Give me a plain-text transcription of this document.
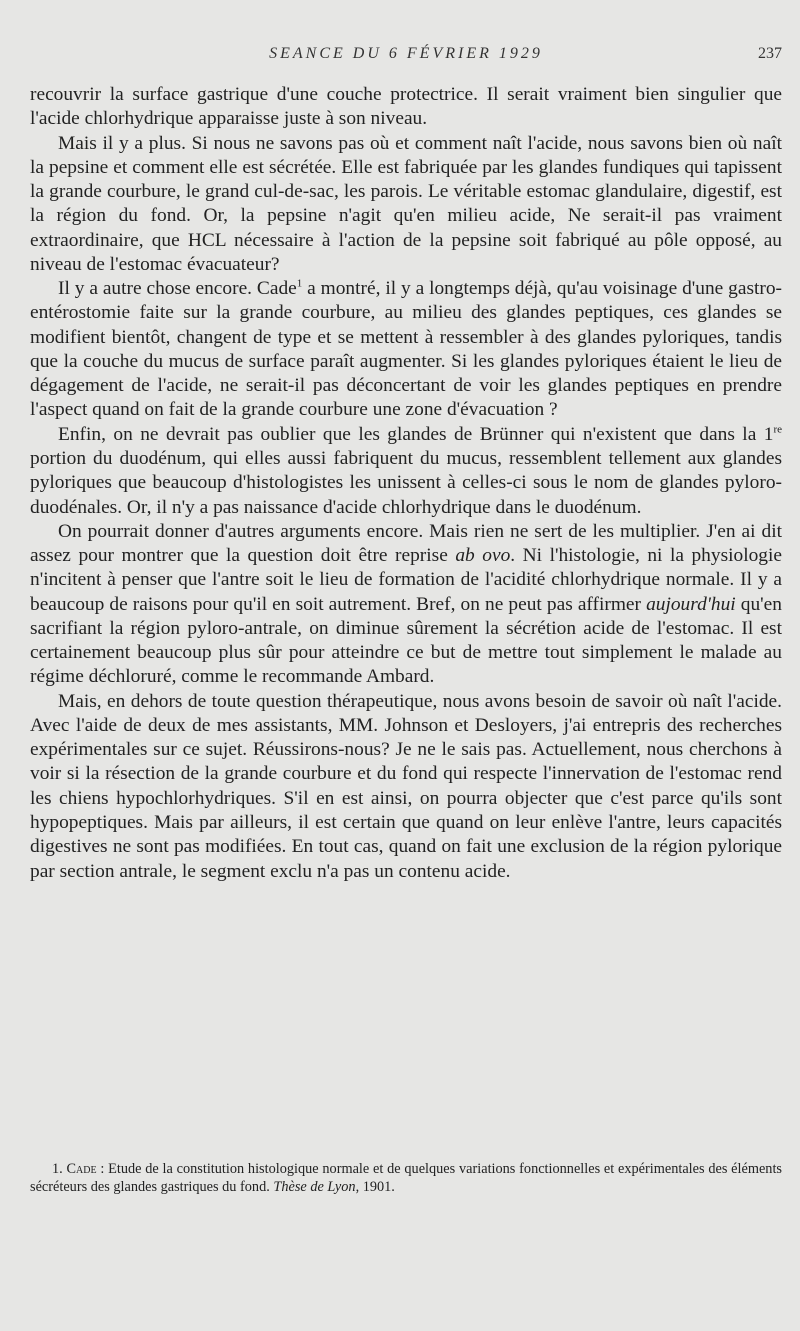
SEANCE DU 6 FÉVRIER 1929	237

recouvrir la surface gastrique d'une couche protectrice. Il serait vraiment bien singulier que l'acide chlorhydrique apparaisse juste à son niveau.

Mais il y a plus. Si nous ne savons pas où et comment naît l'acide, nous savons bien où naît la pepsine et comment elle est sécrétée. Elle est fabriquée par les glandes fundiques qui tapissent la grande courbure, le grand cul-de-sac, les parois. Le véritable estomac glandulaire, digestif, est la région du fond. Or, la pepsine n'agit qu'en milieu acide, Ne serait-il pas vraiment extraordinaire, que HCL nécessaire à l'action de la pepsine soit fabriqué au pôle opposé, au niveau de l'estomac évacuateur?

Il y a autre chose encore. Cade$^1$ a montré, il y a longtemps déjà, qu'au voisinage d'une gastro-entérostomie faite sur la grande courbure, au milieu des glandes peptiques, ces glandes se modifient bientôt, changent de type et se mettent à ressembler à des glandes pyloriques, tandis que la couche du mucus de surface paraît augmenter. Si les glandes pyloriques étaient le lieu de dégagement de l'acide, ne serait-il pas déconcertant de voir les glandes peptiques en prendre l'aspect quand on fait de la grande courbure une zone d'évacuation ?

Enfin, on ne devrait pas oublier que les glandes de Brünner qui n'existent que dans la 1re portion du duodénum, qui elles aussi fabriquent du mucus, ressemblent tellement aux glandes pyloriques que beaucoup d'histologistes les unissent à celles-ci sous le nom de glandes pyloro-duodénales. Or, il n'y a pas naissance d'acide chlorhydrique dans le duodénum.

On pourrait donner d'autres arguments encore. Mais rien ne sert de les multiplier. J'en ai dit assez pour montrer que la question doit être reprise ab ovo. Ni l'histologie, ni la physiologie n'incitent à penser que l'antre soit le lieu de formation de l'acidité chlorhydrique normale. Il y a beaucoup de raisons pour qu'il en soit autrement. Bref, on ne peut pas affirmer aujourd'hui qu'en sacrifiant la région pyloro-antrale, on diminue sûrement la sécrétion acide de l'estomac. Il est certainement beaucoup plus sûr pour atteindre ce but de mettre tout simplement le malade au régime déchloruré, comme le recommande Ambard.

Mais, en dehors de toute question thérapeutique, nous avons besoin de savoir où naît l'acide. Avec l'aide de deux de mes assistants, MM. Johnson et Desloyers, j'ai entrepris des recherches expérimentales sur ce sujet. Réussirons-nous? Je ne le sais pas. Actuellement, nous cherchons à voir si la résection de la grande courbure et du fond qui respecte l'innervation de l'estomac rend les chiens hypochlorhydriques. S'il en est ainsi, on pourra objecter que c'est parce qu'ils sont hypopeptiques. Mais par ailleurs, il est certain que quand on leur enlève l'antre, leurs capacités digestives ne sont pas modifiées. En tout cas, quand on fait une exclusion de la région pylorique par section antrale, le segment exclu n'a pas un contenu acide.

1. Cade : Etude de la constitution histologique normale et de quelques variations fonctionnelles et expérimentales des éléments sécréteurs des glandes gastriques du fond. Thèse de Lyon, 1901.
